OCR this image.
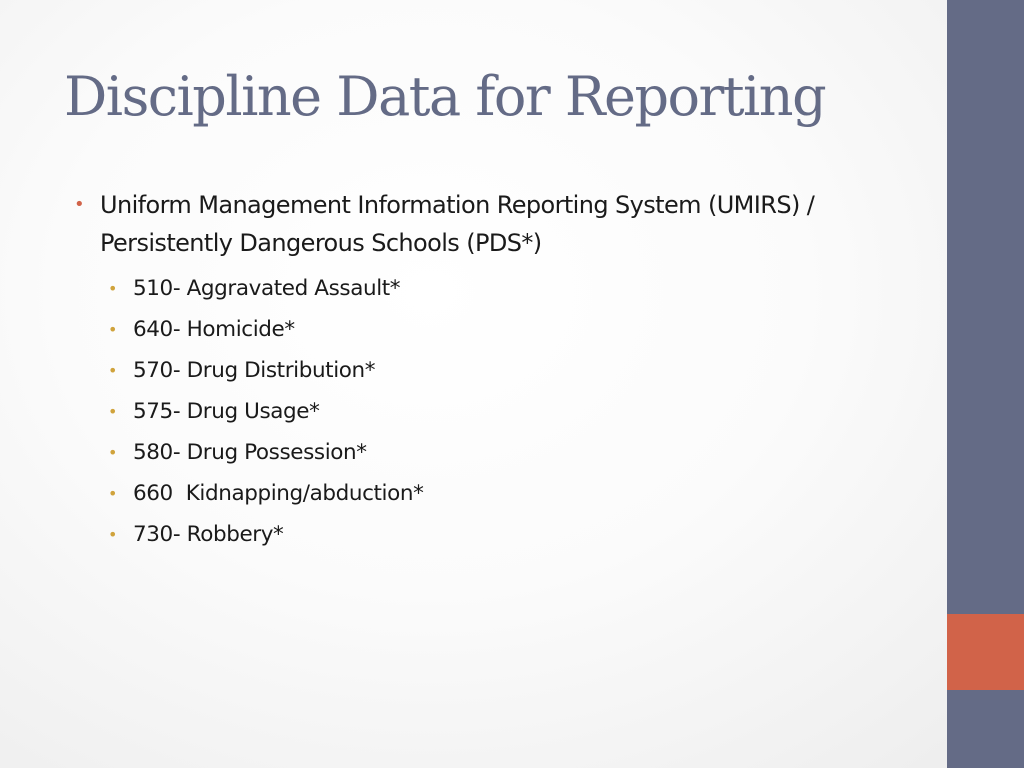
Discipline Data for Reporting
• Uniform Management Information Reporting System (UMIRS) / Persistently Dangerous Schools (PDS*)
• 510- Aggravated Assault*
• 640- Homicide*
• 570- Drug Distribution*
• 575- Drug Usage*
• 580- Drug Possession*
• 660  Kidnapping/abduction*
• 730- Robbery*
